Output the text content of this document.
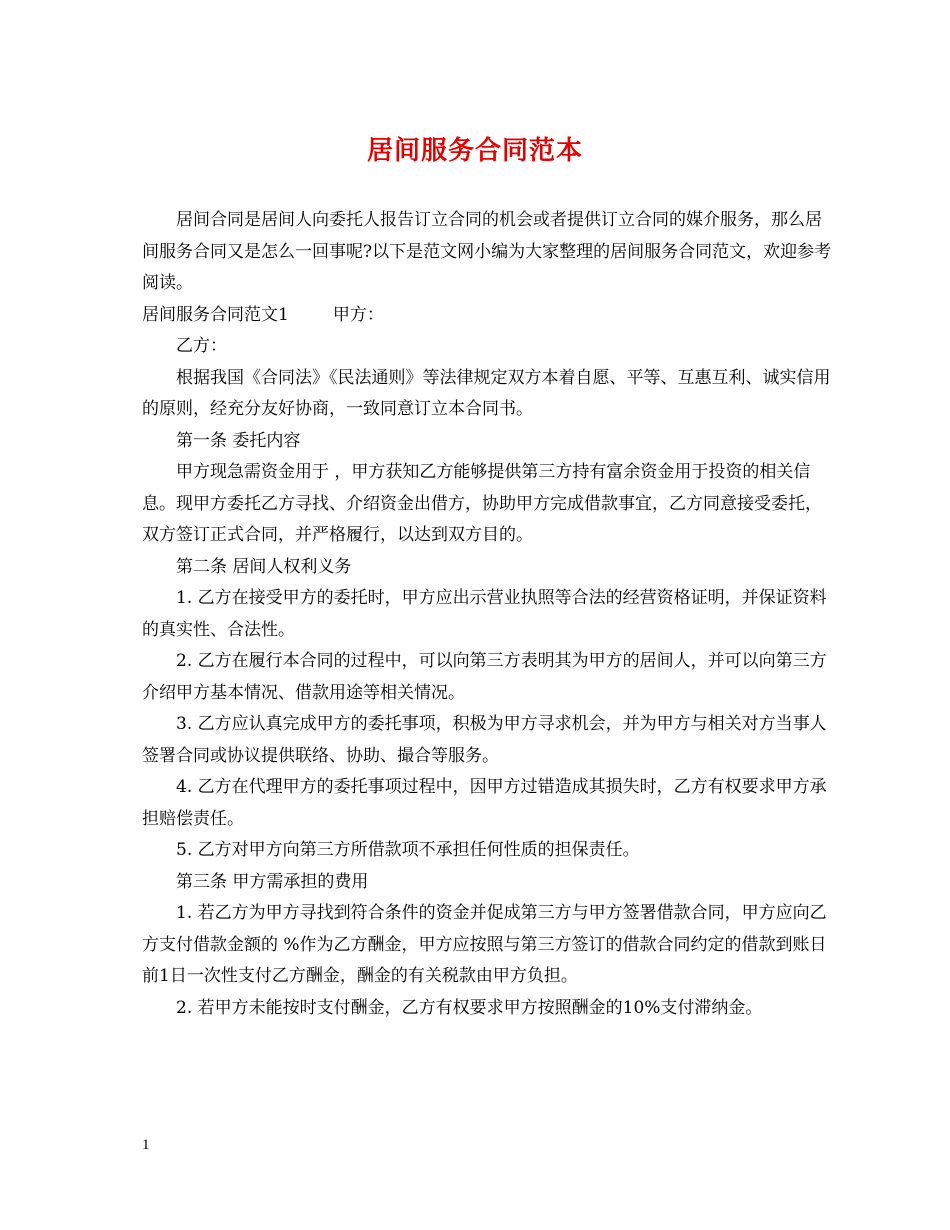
居间服务合同范本

居间合同是居间人向委托人报告订立合同的机会或者提供订立合同的媒介服务，那么居间服务合同又是怎么一回事呢?以下是范文网小编为大家整理的居间服务合同范文，欢迎参考阅读。

居间服务合同范文1	甲方：

乙方：

根据我国《合同法》《民法通则》等法律规定双方本着自愿、平等、互惠互利、诚实信用的原则，经充分友好协商，一致同意订立本合同书。

第一条 委托内容

甲方现急需资金用于 ，甲方获知乙方能够提供第三方持有富余资金用于投资的相关信息。现甲方委托乙方寻找、介绍资金出借方，协助甲方完成借款事宜，乙方同意接受委托，双方签订正式合同，并严格履行，以达到双方目的。

第二条 居间人权利义务

1. 乙方在接受甲方的委托时，甲方应出示营业执照等合法的经营资格证明，并保证资料的真实性、合法性。

2. 乙方在履行本合同的过程中，可以向第三方表明其为甲方的居间人，并可以向第三方介绍甲方基本情况、借款用途等相关情况。

3. 乙方应认真完成甲方的委托事项，积极为甲方寻求机会，并为甲方与相关对方当事人签署合同或协议提供联络、协助、撮合等服务。

4. 乙方在代理甲方的委托事项过程中，因甲方过错造成其损失时，乙方有权要求甲方承担赔偿责任。

5. 乙方对甲方向第三方所借款项不承担任何性质的担保责任。

第三条 甲方需承担的费用

1. 若乙方为甲方寻找到符合条件的资金并促成第三方与甲方签署借款合同，甲方应向乙方支付借款金额的 %作为乙方酬金，甲方应按照与第三方签订的借款合同约定的借款到账日前1日一次性支付乙方酬金，酬金的有关税款由甲方负担。

2. 若甲方未能按时支付酬金，乙方有权要求甲方按照酬金的10%支付滞纳金。

1
